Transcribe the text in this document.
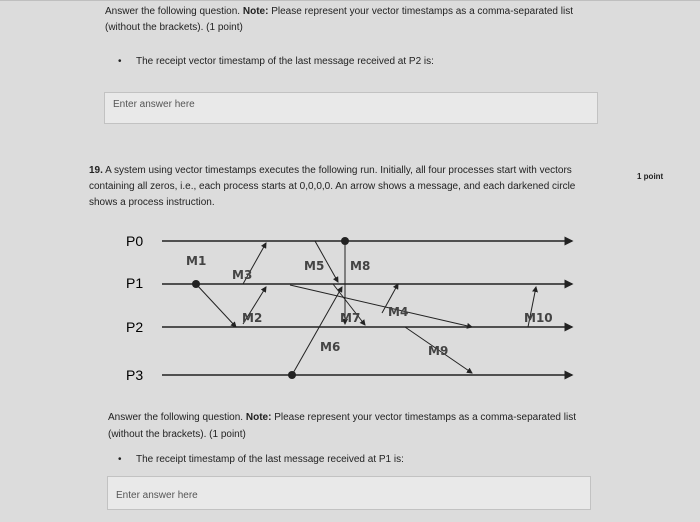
Answer the following question. Note: Please represent your vector timestamps as a comma-separated list
(without the brackets). (1 point)
• The receipt vector timestamp of the last message received at P2 is:
Enter answer here
19. A system using vector timestamps executes the following run. Initially, all four processes start with vectors containing all zeros, i.e., each process starts at 0,0,0,0. An arrow shows a message, and each darkened circle shows a process instruction.
1 point
P0
P1
P2
P3
M1
M2
M3
M4
M5
M6
M7
M8
M9
M10
Answer the following question. Note: Please represent your vector timestamps as a comma-separated list
(without the brackets). (1 point)
• The receipt timestamp of the last message received at P1 is:
Enter answer here
